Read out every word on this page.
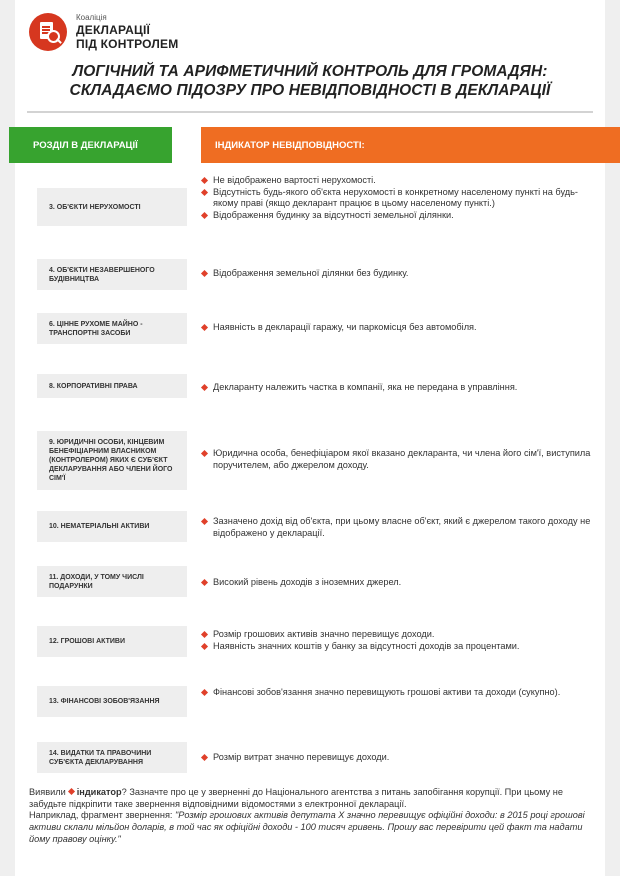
Коаліція
ДЕКЛАРАЦІЇ
ПІД КОНТРОЛЕМ
ЛОГІЧНИЙ ТА АРИФМЕТИЧНИЙ КОНТРОЛЬ ДЛЯ ГРОМАДЯН:
СКЛАДАЄМО ПІДОЗРУ ПРО НЕВІДПОВІДНОСТІ В ДЕКЛАРАЦІЇ
РОЗДІЛ В ДЕКЛАРАЦІЇ	ІНДИКАТОР НЕВІДПОВІДНОСТІ:
3. ОБ'ЄКТИ НЕРУХОМОСТІ
Не відображено вартості нерухомості.
Відсутність будь-якого об'єкта нерухомості в конкретному населеному пункті на будь-якому праві (якщо декларант працює в цьому населеному пункті.)
Відображення будинку за відсутності земельної ділянки.
4. ОБ'ЄКТИ НЕЗАВЕРШЕНОГО БУДІВНИЦТВА
Відображення земельної ділянки без будинку.
6. ЦІННЕ РУХОМЕ МАЙНО - ТРАНСПОРТНІ ЗАСОБИ
Наявність в декларації гаражу, чи паркомісця без автомобіля.
8. КОРПОРАТИВНІ ПРАВА	Декларанту належить частка в компанії, яка не передана в управління.
9. ЮРИДИЧНІ ОСОБИ, КІНЦЕВИМ БЕНЕФІЦІАРНИМ ВЛАСНИКОМ (КОНТРОЛЕРОМ) ЯКИХ Є СУБ'ЄКТ ДЕКЛАРУВАННЯ АБО ЧЛЕНИ ЙОГО СІМ'Ї
Юридична особа, бенефіціаром якої вказано декларанта, чи члена його сім'ї, виступила поручителем, або джерелом доходу.
10. НЕМАТЕРІАЛЬНІ АКТИВИ
Зазначено дохід від об'єкта, при цьому власне об'єкт, який є джерелом такого доходу не відображено у декларації.
11. ДОХОДИ, У ТОМУ ЧИСЛІ ПОДАРУНКИ	Високий рівень доходів з іноземних джерел.
12. ГРОШОВІ АКТИВИ
Розмір грошових активів значно перевищує доходи.
Наявність значних коштів у банку за відсутності доходів за процентами.
13. ФІНАНСОВІ ЗОБОВ'ЯЗАННЯ
Фінансові зобов'язання значно перевищують грошові активи та доходи (сукупно).
14. ВИДАТКИ ТА ПРАВОЧИНИ СУБ'ЄКТА ДЕКЛАРУВАННЯ	Розмір витрат значно перевищує доходи.

Виявили індикатор? Зазначте про це у зверненні до Національного агентства з питань запобігання корупції. При цьому не забудьте підкріпити таке звернення відповідними відомостями з електронної декларації.

Наприклад, фрагмент звернення: "Розмір грошових активів депутата Х значно перевищує офіційні доходи: в 2015 році грошові активи склали мільйон доларів, в той час як офіційні доходи - 100 тисяч гривень. Прошу вас перевірити цей факт та надати йому правову оцінку."
